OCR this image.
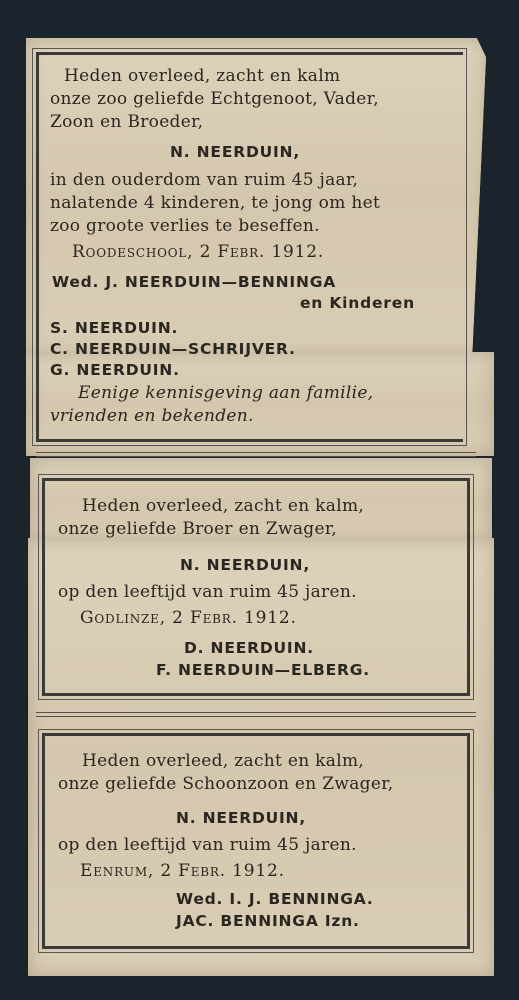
Heden overleed, zacht en kalm
onze zoo geliefde Echtgenoot, Vader,
Zoon en Broeder,
N. NEERDUIN,
in den ouderdom van ruim 45 jaar,
nalatende 4 kinderen, te jong om het
zoo groote verlies te beseffen.
Roodeschool, 2 Febr. 1912.
Wed. J. NEERDUIN—BENNINGA
en Kinderen
S. NEERDUIN.
C. NEERDUIN—SCHRIJVER.
G. NEERDUIN.
Eenige kennisgeving aan familie,
vrienden en bekenden.
Heden overleed, zacht en kalm,
onze geliefde Broer en Zwager,
N. NEERDUIN,
op den leeftijd van ruim 45 jaren.
Godlinze, 2 Febr. 1912.
D. NEERDUIN.
F. NEERDUIN—ELBERG.
Heden overleed, zacht en kalm,
onze geliefde Schoonzoon en Zwager,
N. NEERDUIN,
op den leeftijd van ruim 45 jaren.
Eenrum, 2 Febr. 1912.
Wed. I. J. BENNINGA.
JAC. BENNINGA Izn.
